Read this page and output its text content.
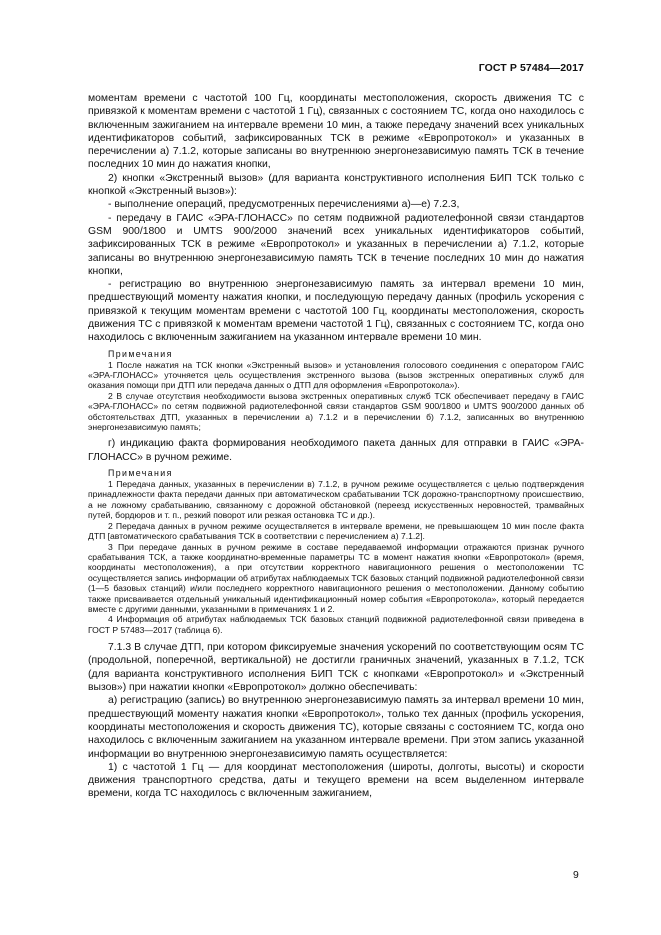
ГОСТ Р 57484—2017

моментам времени с частотой 100 Гц, координаты местоположения, скорость движения ТС с привязкой к моментам времени с частотой 1 Гц), связанных с состоянием ТС, когда оно находилось с включенным зажиганием на интервале времени 10 мин, а также передачу значений всех уникальных идентификаторов событий, зафиксированных ТСК в режиме «Европротокол» и указанных в перечислении а) 7.1.2, которые записаны во внутреннюю энергонезависимую память ТСК в течение последних 10 мин до нажатия кнопки,

2) кнопки «Экстренный вызов» (для варианта конструктивного исполнения БИП ТСК только с кнопкой «Экстренный вызов»):

- выполнение операций, предусмотренных перечислениями а)—е) 7.2.3,

- передачу в ГАИС «ЭРА-ГЛОНАСС» по сетям подвижной радиотелефонной связи стандартов GSM 900/1800 и UMTS 900/2000 значений всех уникальных идентификаторов событий, зафиксированных ТСК в режиме «Европротокол» и указанных в перечислении а) 7.1.2, которые записаны во внутреннюю энергонезависимую память ТСК в течение последних 10 мин до нажатия кнопки,

- регистрацию во внутреннюю энергонезависимую память за интервал времени 10 мин, предшествующий моменту нажатия кнопки, и последующую передачу данных (профиль ускорения с привязкой к текущим моментам времени с частотой 100 Гц, координаты местоположения, скорость движения ТС с привязкой к моментам времени частотой 1 Гц), связанных с состоянием ТС, когда оно находилось с включенным зажиганием на указанном интервале времени 10 мин.

Примечания

1 После нажатия на ТСК кнопки «Экстренный вызов» и установления голосового соединения с оператором ГАИС «ЭРА-ГЛОНАСС» уточняется цель осуществления экстренного вызова (вызов экстренных оперативных служб для оказания помощи при ДТП или передача данных о ДТП для оформления «Европротокола»).

2 В случае отсутствия необходимости вызова экстренных оперативных служб ТСК обеспечивает передачу в ГАИС «ЭРА-ГЛОНАСС» по сетям подвижной радиотелефонной связи стандартов GSM 900/1800 и UMTS 900/2000 данных об обстоятельствах ДТП, указанных в перечислении а) 7.1.2 и в перечислении б) 7.1.2, записанных во внутреннюю энергонезависимую память;

г) индикацию факта формирования необходимого пакета данных для отправки в ГАИС «ЭРА-ГЛОНАСС» в ручном режиме.

Примечания

1 Передача данных, указанных в перечислении в) 7.1.2, в ручном режиме осуществляется с целью подтверждения принадлежности факта передачи данных при автоматическом срабатывании ТСК дорожно-транспортному происшествию, а не ложному срабатыванию, связанному с дорожной обстановкой (переезд искусственных неровностей, трамвайных путей, бордюров и т. п., резкий поворот или резкая остановка ТС и др.).

2 Передача данных в ручном режиме осуществляется в интервале времени, не превышающем 10 мин после факта ДТП [автоматического срабатывания ТСК в соответствии с перечислением а) 7.1.2].

3 При передаче данных в ручном режиме в составе передаваемой информации отражаются признак ручного срабатывания ТСК, а также координатно-временные параметры ТС в момент нажатия кнопки «Европротокол» (время, координаты местоположения), а при отсутствии корректного навигационного решения о местоположении ТС осуществляется запись информации об атрибутах наблюдаемых ТСК базовых станций подвижной радиотелефонной связи (1—5 базовых станций) и/или последнего корректного навигационного решения о местоположении. Данному событию также присваивается отдельный уникальный идентификационный номер события «Европротокола», который передается вместе с другими данными, указанными в примечаниях 1 и 2.

4 Информация об атрибутах наблюдаемых ТСК базовых станций подвижной радиотелефонной связи приведена в ГОСТ Р 57483—2017 (таблица 6).

7.1.3 В случае ДТП, при котором фиксируемые значения ускорений по соответствующим осям ТС (продольной, поперечной, вертикальной) не достигли граничных значений, указанных в 7.1.2, ТСК (для варианта конструктивного исполнения БИП ТСК с кнопками «Европротокол» и «Экстренный вызов») при нажатии кнопки «Европротокол» должно обеспечивать:

а) регистрацию (запись) во внутреннюю энергонезависимую память за интервал времени 10 мин, предшествующий моменту нажатия кнопки «Европротокол», только тех данных (профиль ускорения, координаты местоположения и скорость движения ТС), которые связаны с состоянием ТС, когда оно находилось с включенным зажиганием на указанном интервале времени. При этом запись указанной информации во внутреннюю энергонезависимую память осуществляется:

1) с частотой 1 Гц — для координат местоположения (широты, долготы, высоты) и скорости движения транспортного средства, даты и текущего времени на всем выделенном интервале времени, когда ТС находилось с включенным зажиганием,

9
